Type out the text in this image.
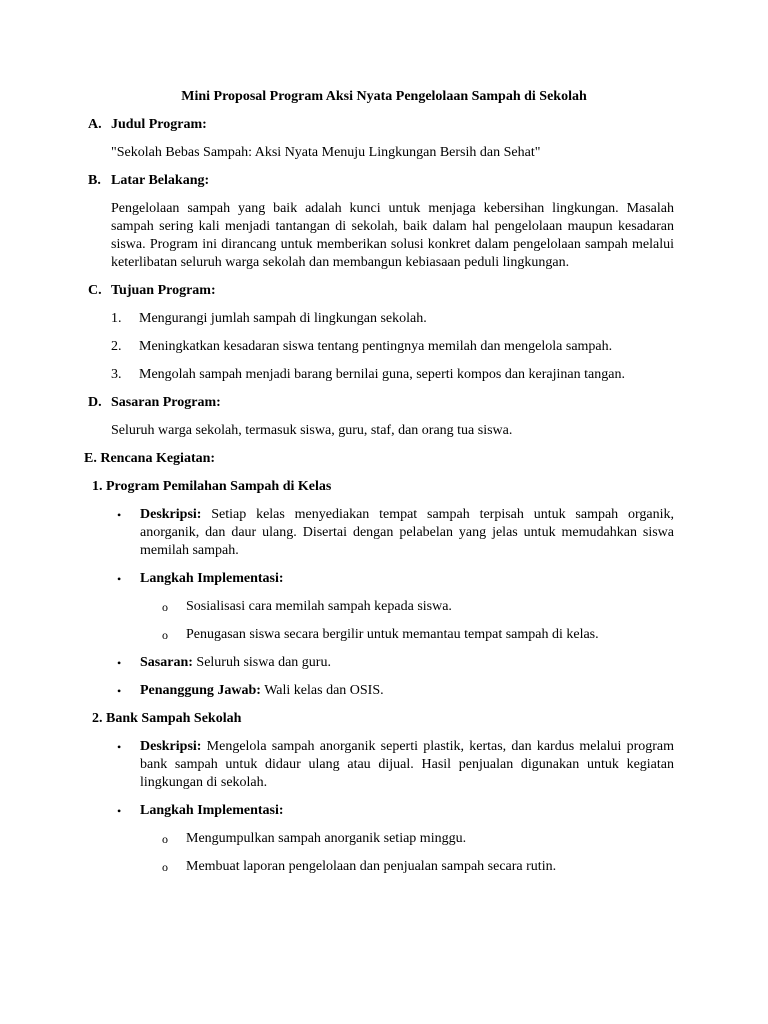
Mini Proposal Program Aksi Nyata Pengelolaan Sampah di Sekolah
A. Judul Program:
"Sekolah Bebas Sampah: Aksi Nyata Menuju Lingkungan Bersih dan Sehat"
B. Latar Belakang:
Pengelolaan sampah yang baik adalah kunci untuk menjaga kebersihan lingkungan. Masalah sampah sering kali menjadi tantangan di sekolah, baik dalam hal pengelolaan maupun kesadaran siswa. Program ini dirancang untuk memberikan solusi konkret dalam pengelolaan sampah melalui keterlibatan seluruh warga sekolah dan membangun kebiasaan peduli lingkungan.
C. Tujuan Program:
1. Mengurangi jumlah sampah di lingkungan sekolah.
2. Meningkatkan kesadaran siswa tentang pentingnya memilah dan mengelola sampah.
3. Mengolah sampah menjadi barang bernilai guna, seperti kompos dan kerajinan tangan.
D. Sasaran Program:
Seluruh warga sekolah, termasuk siswa, guru, staf, dan orang tua siswa.
E. Rencana Kegiatan:
1. Program Pemilahan Sampah di Kelas
• Deskripsi: Setiap kelas menyediakan tempat sampah terpisah untuk sampah organik, anorganik, dan daur ulang. Disertai dengan pelabelan yang jelas untuk memudahkan siswa memilah sampah.
• Langkah Implementasi:
o Sosialisasi cara memilah sampah kepada siswa.
o Penugasan siswa secara bergilir untuk memantau tempat sampah di kelas.
• Sasaran: Seluruh siswa dan guru.
• Penanggung Jawab: Wali kelas dan OSIS.
2. Bank Sampah Sekolah
• Deskripsi: Mengelola sampah anorganik seperti plastik, kertas, dan kardus melalui program bank sampah untuk didaur ulang atau dijual. Hasil penjualan digunakan untuk kegiatan lingkungan di sekolah.
• Langkah Implementasi:
o Mengumpulkan sampah anorganik setiap minggu.
o Membuat laporan pengelolaan dan penjualan sampah secara rutin.
